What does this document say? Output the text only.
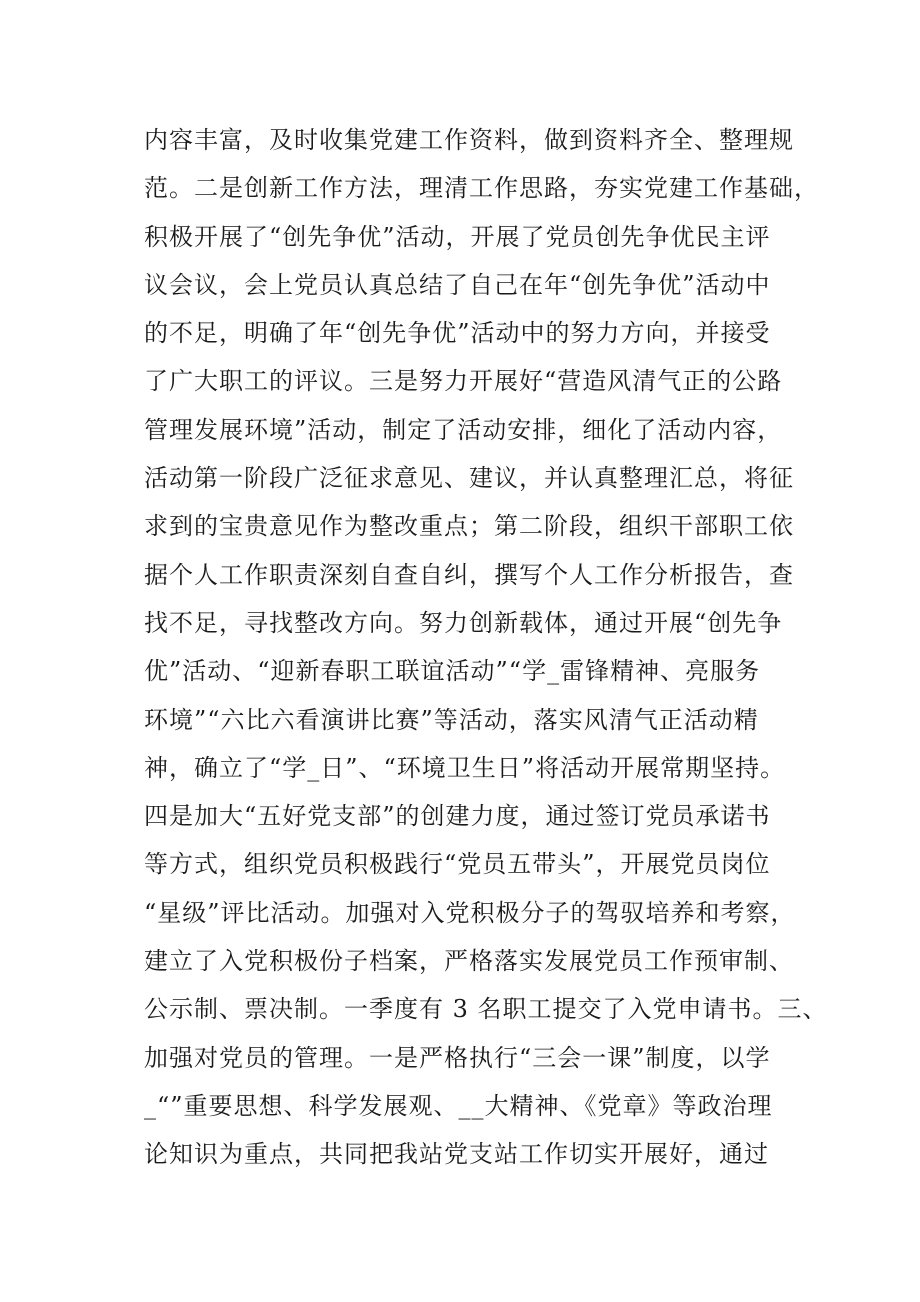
内容丰富，及时收集党建工作资料，做到资料齐全、整理规
范。二是创新工作方法，理清工作思路，夯实党建工作基础，
积极开展了“创先争优”活动，开展了党员创先争优民主评
议会议，会上党员认真总结了自己在年“创先争优”活动中
的不足，明确了年“创先争优”活动中的努力方向，并接受
了广大职工的评议。三是努力开展好“营造风清气正的公路
管理发展环境”活动，制定了活动安排，细化了活动内容，
活动第一阶段广泛征求意见、建议，并认真整理汇总，将征
求到的宝贵意见作为整改重点；第二阶段，组织干部职工依
据个人工作职责深刻自查自纠，撰写个人工作分析报告，查
找不足，寻找整改方向。努力创新载体，通过开展“创先争
优”活动、“迎新春职工联谊活动”“学_雷锋精神、亮服务
环境”“六比六看演讲比赛”等活动，落实风清气正活动精
神，确立了“学_日”、“环境卫生日”将活动开展常期坚持。
四是加大“五好党支部”的创建力度，通过签订党员承诺书
等方式，组织党员积极践行“党员五带头”，开展党员岗位
“星级”评比活动。加强对入党积极分子的驾驭培养和考察，
建立了入党积极份子档案，严格落实发展党员工作预审制、
公示制、票决制。一季度有 3 名职工提交了入党申请书。三、
加强对党员的管理。一是严格执行“三会一课”制度，以学
_“”重要思想、科学发展观、__大精神、《党章》等政治理
论知识为重点，共同把我站党支站工作切实开展好，通过
